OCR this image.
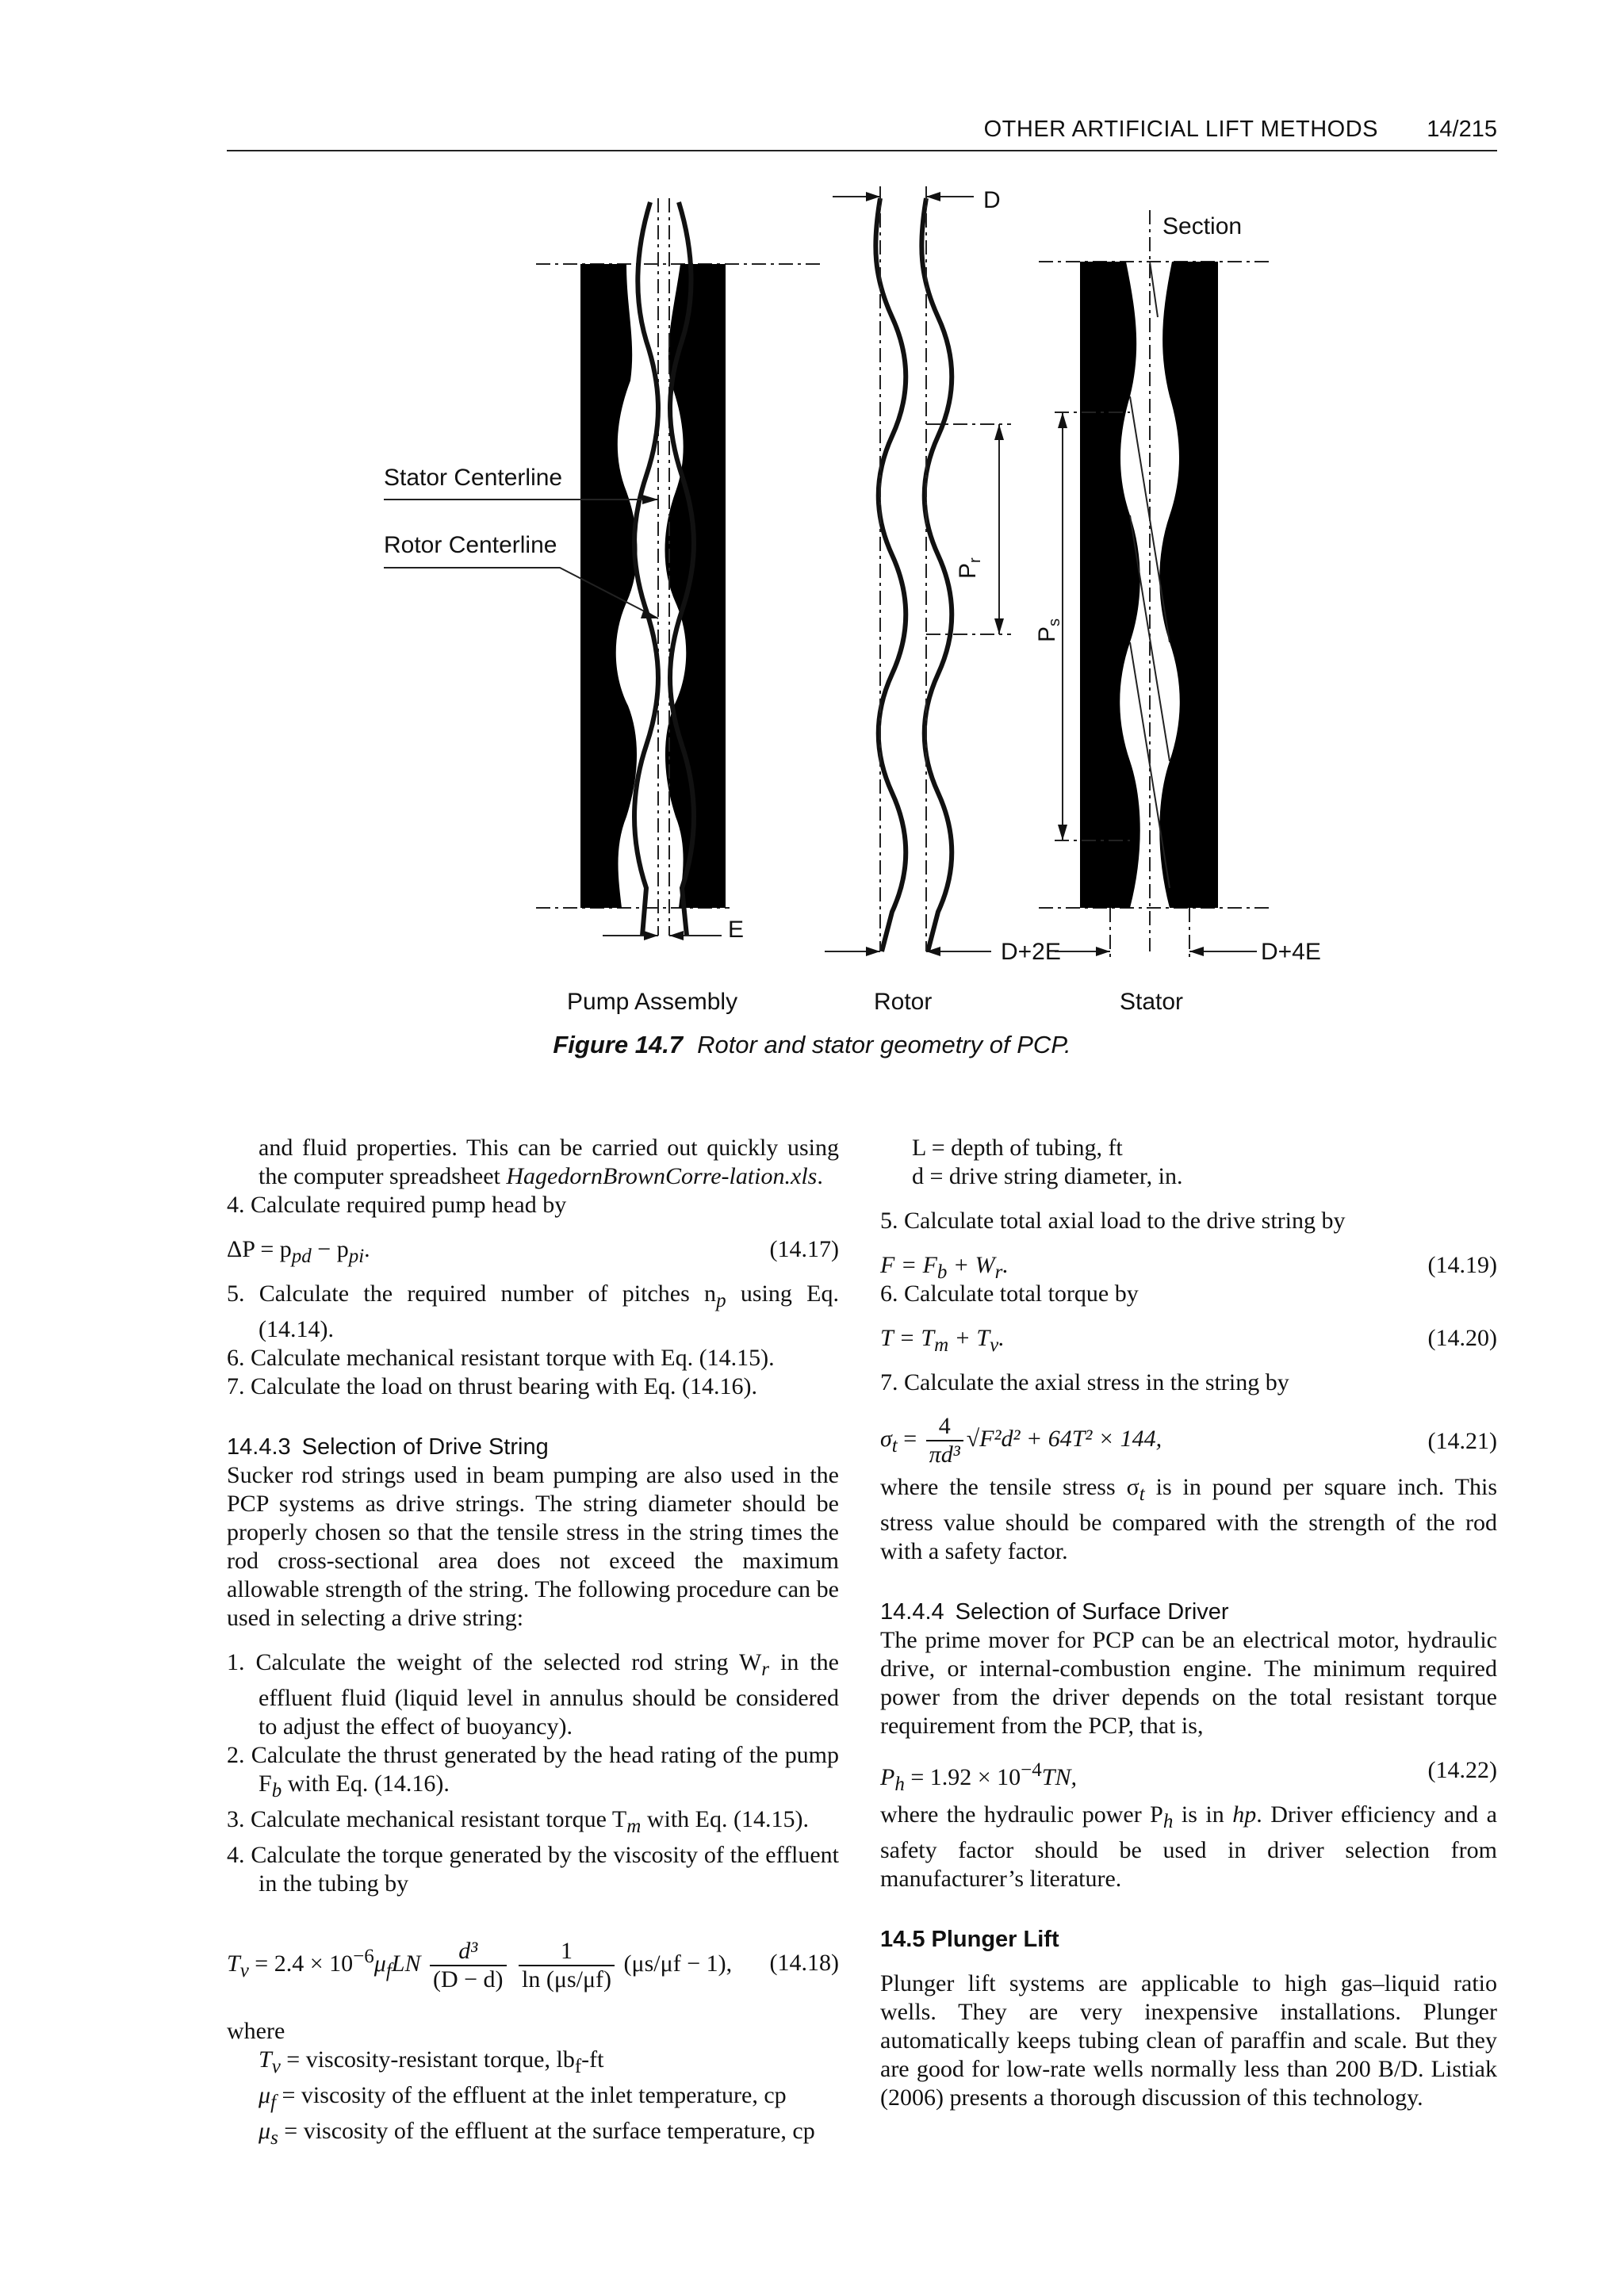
OTHER ARTIFICIAL LIFT METHODS 14/215
E
Stator Centerline
Rotor Centerline
Pump Assembly
D
$P_r$
D+2E
Rotor
Section
$P_s$
D+4E
Stator
Figure 14.7 Rotor and stator geometry of PCP.

and fluid properties. This can be carried out quickly using the computer spreadsheet HagedornBrownCorre-lation.xls.

4. Calculate required pump head by

$\Delta P = p_{pd} - p_{pi}$.	(14.17)

5. Calculate the required number of pitches $n_p$ using Eq. (14.14).

6. Calculate mechanical resistant torque with Eq. (14.15).

7. Calculate the load on thrust bearing with Eq. (14.16).

14.4.3 Selection of Drive String

Sucker rod strings used in beam pumping are also used in the PCP systems as drive strings. The string diameter should be properly chosen so that the tensile stress in the string times the rod cross-sectional area does not exceed the maximum allowable strength of the string. The following procedure can be used in selecting a drive string:

1. Calculate the weight of the selected rod string $W_r$ in the effluent fluid (liquid level in annulus should be considered to adjust the effect of buoyancy).

2. Calculate the thrust generated by the head rating of the pump $F_b$ with Eq. (14.16).

3. Calculate mechanical resistant torque $T_m$ with Eq. (14.15).

4. Calculate the torque generated by the viscosity of the effluent in the tubing by

$T_v = 2.4 \times 10^{-6}\mu_fLN \frac{\text{d³}}{(D - d)}$
$\frac{1}{\ln (\mu s/\mu f)} (\mu s/\mu f - 1)$, (14.18)

where

$T_v$ = viscosity-resistant torque, $lb_f-ft$

$\mu_f$ = viscosity of the effluent at the inlet temperature, cp

$\mu_s$ = viscosity of the effluent at the surface temperature, cp

L = depth of tubing, ft

d = drive string diameter, in.

5. Calculate total axial load to the drive string by

$F = F_b + W_r$.	(14.19)

6. Calculate total torque by

$T = T_m + T_v$.	(14.20)

7. Calculate the axial stress in the string by

$\sigma_t = \frac{4}{\text{πd³}} √F^2d^2 + 64T^2 \times 144$,	(14.21)

where the tensile stress $\sigma_t$ is in pound per square inch. This stress value should be compared with the strength of the rod with a safety factor.

14.4.4 Selection of Surface Driver

The prime mover for PCP can be an electrical motor, hydraulic drive, or internal-combustion engine. The minimum required power from the driver depends on the total resistant torque requirement from the PCP, that is,

$P_h = 1.92 \times 10^{-4}TN$,	(14.22)

where the hydraulic power $P_h$ is in hp. Driver efficiency and a safety factor should be used in driver selection from manufacturer’s literature.

14.5 Plunger Lift

Plunger lift systems are applicable to high gas–liquid ratio wells. They are very inexpensive installations. Plunger automatically keeps tubing clean of paraffin and scale. But they are good for low-rate wells normally less than 200 B/D. Listiak (2006) presents a thorough discussion of this technology.
